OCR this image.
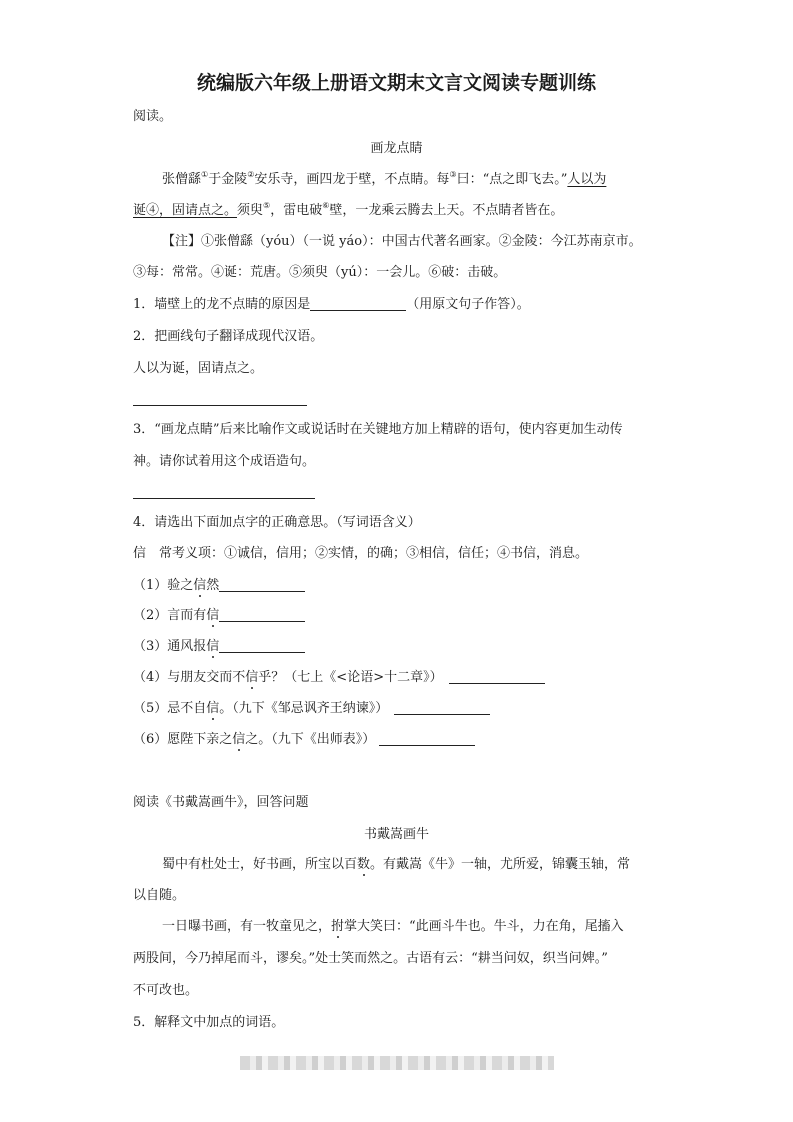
统编版六年级上册语文期末文言文阅读专题训练
阅读。
画龙点睛
张僧繇①于金陵②安乐寺，画四龙于壁，不点睛。每③曰：“点之即飞去。”人以为
诞④，固请点之。须臾⑤，雷电破⑥壁，一龙乘云腾去上天。不点睛者皆在。
【注】①张僧繇（yóu）（一说 yáo）：中国古代著名画家。②金陵：今江苏南京市。
③每：常常。④诞：荒唐。⑤须臾（yú）：一会儿。⑥破：击破。
1．墙壁上的龙不点睛的原因是	（用原文句子作答）。
2．把画线句子翻译成现代汉语。
人以为诞，固请点之。
3．“画龙点睛”后来比喻作文或说话时在关键地方加上精辟的语句，使内容更加生动传
神。请你试着用这个成语造句。
4．请选出下面加点字的正确意思。（写词语含义）
信　常考义项：①诚信，信用；②实情，的确；③相信，信任；④书信，消息。
（1）验之信然
（2）言而有信
（3）通风报信
（4）与朋友交而不信乎？（七上《<论语>十二章》）
（5）忌不自信。（九下《邹忌讽齐王纳谏》）
（6）愿陛下亲之信之。（九下《出师表》）
阅读《书戴嵩画牛》，回答问题
书戴嵩画牛
蜀中有杜处士，好书画，所宝以百数。有戴嵩《牛》一轴，尤所爱，锦囊玉轴，常
以自随。
一日曝书画，有一牧童见之，拊掌大笑曰：“此画斗牛也。牛斗，力在角，尾搐入
两股间，今乃掉尾而斗，谬矣。”处士笑而然之。古语有云：“耕当问奴，织当问婢。”
不可改也。
5．解释文中加点的词语。
